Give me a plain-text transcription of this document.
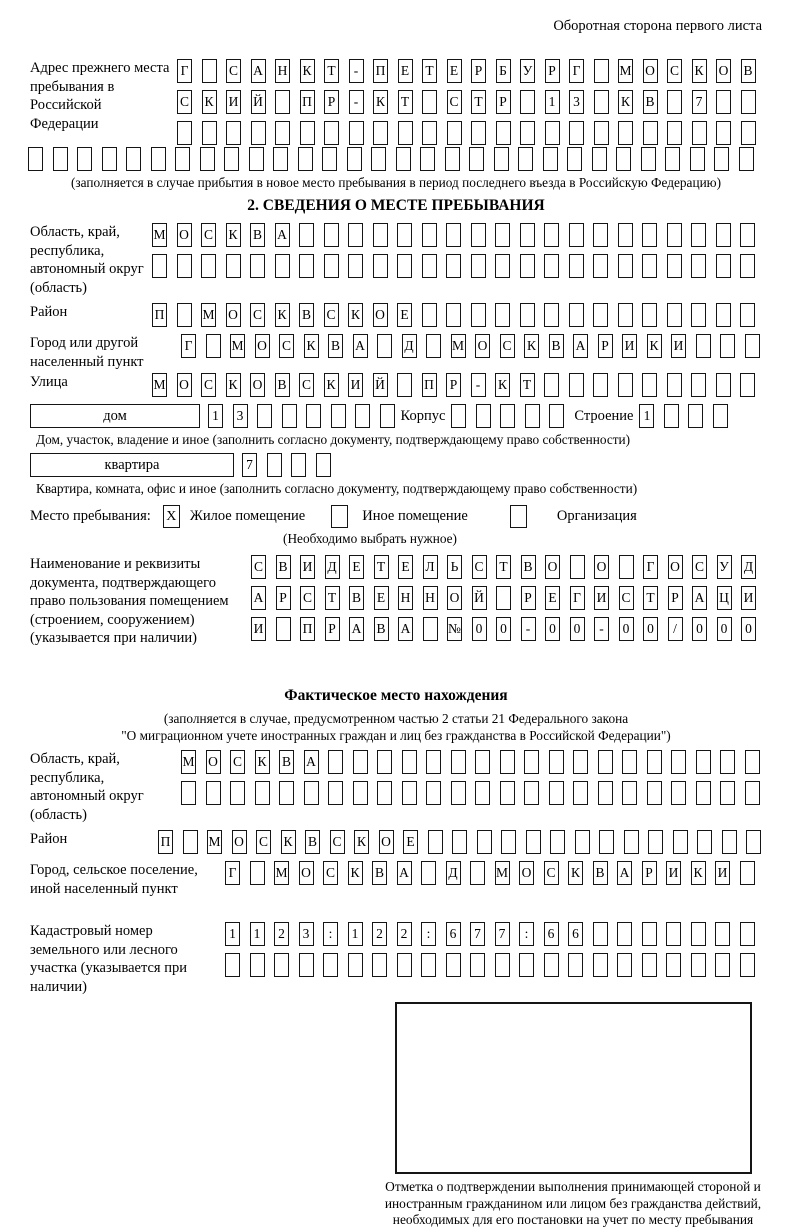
Оборотная сторона первого листа
Адрес прежнего места пребывания в Российской Федерации
Г	С А Н К Т	-	П Е Т Е Р Б У Р Г	М О С К О В
С К И Й	П Р	-	К Т	С Т Р	1	3	К В	7
(заполняется в случае прибытия в новое место пребывания в период последнего въезда в Российскую Федерацию)
2. СВЕДЕНИЯ О МЕСТЕ ПРЕБЫВАНИЯ
Область, край, республика, автономный округ (область)
М О С К В А
Район	П	М О С К В С К О Е
Город или другой населенный пункт
Г	М О С К В А	Д	М О С К В А Р И К И
Улица	М О С К О В С К И Й	П Р	-	К Т
дом	1	3	Корпус	Строение 1
Дом, участок, владение и иное (заполнить согласно документу, подтверждающему право собственности)
квартира	7
Квартира, комната, офис и иное (заполнить согласно документу, подтверждающему право собственности)
Место пребывания: X Жилое помещение	Иное помещение	Организация
(Необходимо выбрать нужное)
Наименование и реквизиты документа, подтверждающего право пользования помещением (строением, сооружением) (указывается при наличии)
С В И Д Е Т Е Л Ь С Т В О	О	Г О С У Д
А Р С Т В Е Н Н О Й	Р Е Г И С Т Р А Ц И
И	П Р А В А	№	0	0	-	0	0	-	0	0	/	0	0	0
Фактическое место нахождения
(заполняется в случае, предусмотренном частью 2 статьи 21 Федерального закона
"О миграционном учете иностранных граждан и лиц без гражданства в Российской Федерации")
Область, край, республика, автономный округ (область)
М О С К В А
Район	П	М О С К В С К О Е
Город, сельское поселение, иной населенный пункт
Г	М О С К В А	Д	М О С К В А Р И К И
Кадастровый номер земельного или лесного участка (указывается при наличии)
1	1	2	3	:	1	2	2	:	6	7	7	:	6	6
Отметка о подтверждении выполнения принимающей стороной и иностранным гражданином или лицом без гражданства действий, необходимых для его постановки на учет по месту пребывания
